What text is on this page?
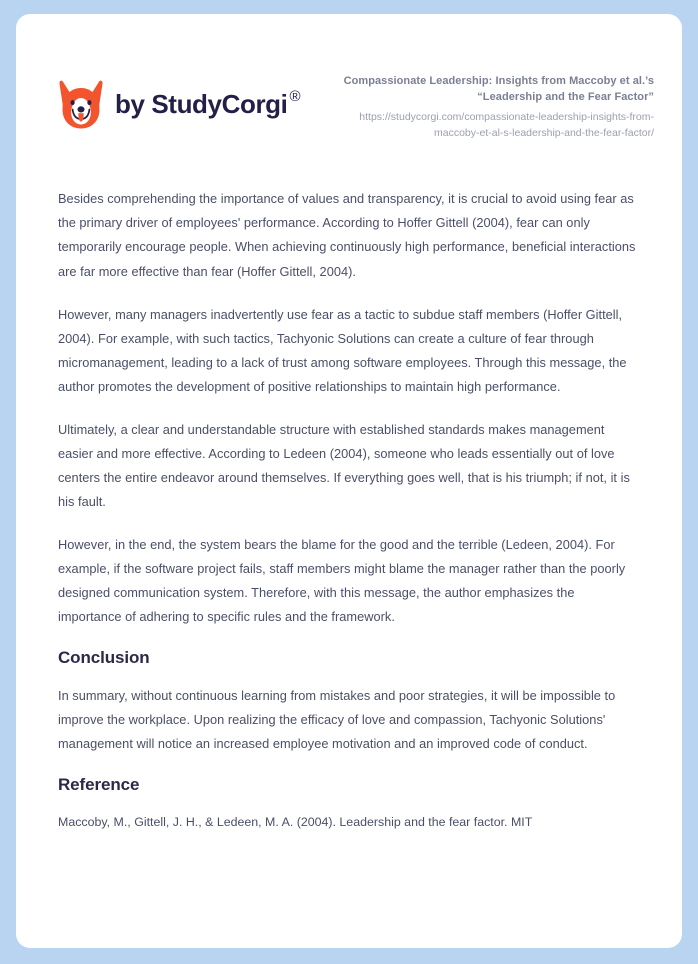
by StudyCorgi ®
Compassionate Leadership: Insights from Maccoby et al.’s “Leadership and the Fear Factor”
https://studycorgi.com/compassionate-leadership-insights-from-maccoby-et-al-s-leadership-and-the-fear-factor/

Besides comprehending the importance of values and transparency, it is crucial to avoid using fear as the primary driver of employees' performance. According to Hoffer Gittell (2004), fear can only temporarily encourage people. When achieving continuously high performance, beneficial interactions are far more effective than fear (Hoffer Gittell, 2004).

However, many managers inadvertently use fear as a tactic to subdue staff members (Hoffer Gittell, 2004). For example, with such tactics, Tachyonic Solutions can create a culture of fear through micromanagement, leading to a lack of trust among software employees. Through this message, the author promotes the development of positive relationships to maintain high performance.

Ultimately, a clear and understandable structure with established standards makes management easier and more effective. According to Ledeen (2004), someone who leads essentially out of love centers the entire endeavor around themselves. If everything goes well, that is his triumph; if not, it is his fault.

However, in the end, the system bears the blame for the good and the terrible (Ledeen, 2004). For example, if the software project fails, staff members might blame the manager rather than the poorly designed communication system. Therefore, with this message, the author emphasizes the importance of adhering to specific rules and the framework.

Conclusion

In summary, without continuous learning from mistakes and poor strategies, it will be impossible to improve the workplace. Upon realizing the efficacy of love and compassion, Tachyonic Solutions' management will notice an increased employee motivation and an improved code of conduct.

Reference

Maccoby, M., Gittell, J. H., & Ledeen, M. A. (2004). Leadership and the fear factor. MIT
